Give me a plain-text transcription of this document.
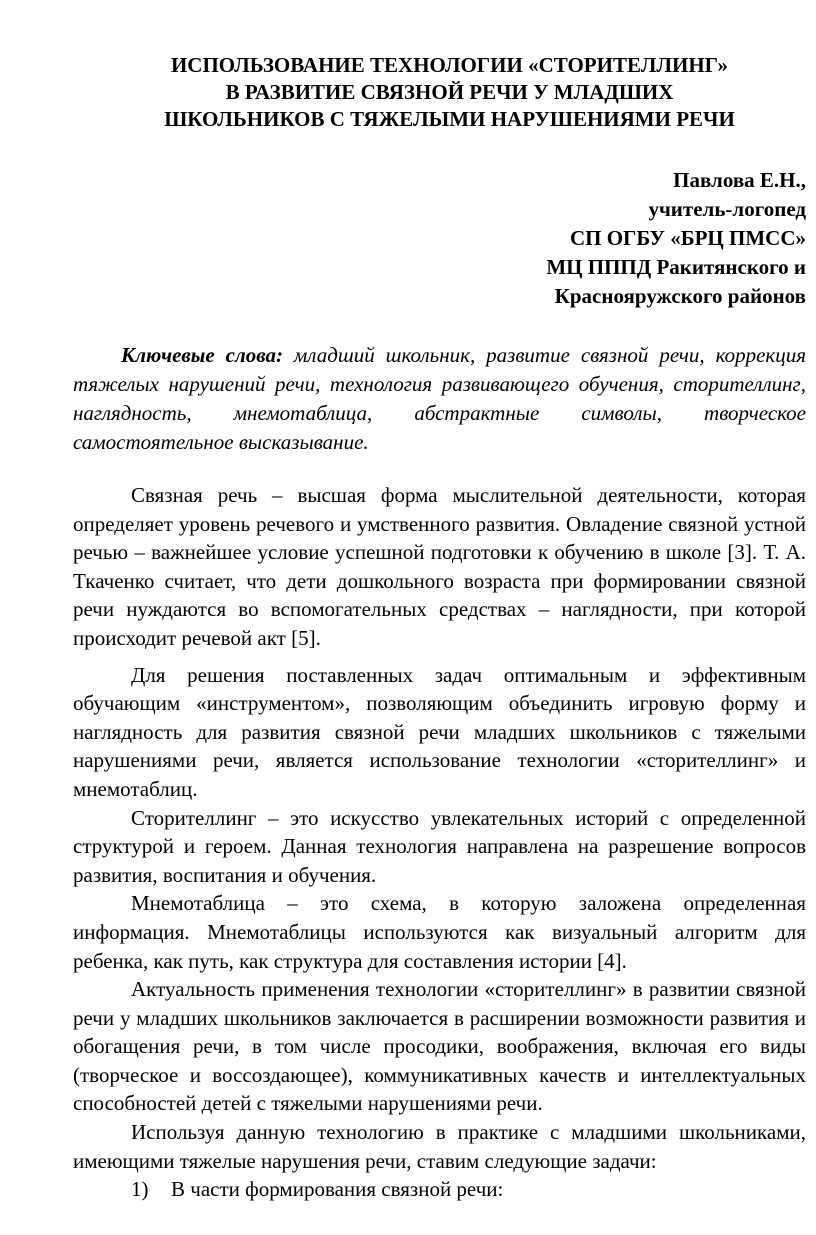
ИСПОЛЬЗОВАНИЕ ТЕХНОЛОГИИ «СТОРИТЕЛЛИНГ»
В РАЗВИТИЕ СВЯЗНОЙ РЕЧИ У МЛАДШИХ
ШКОЛЬНИКОВ С ТЯЖЕЛЫМИ НАРУШЕНИЯМИ РЕЧИ
Павлова Е.Н.,
учитель-логопед
СП ОГБУ «БРЦ ПМСС»
МЦ ПППД Ракитянского и
Краснояружского районов

Ключевые слова: младший школьник, развитие связной речи, коррекция тяжелых нарушений речи, технология развивающего обучения, сторителлинг, наглядность, мнемотаблица, абстрактные символы, творческое самостоятельное высказывание.

Связная речь – высшая форма мыслительной деятельности, которая определяет уровень речевого и умственного развития. Овладение связной устной речью – важнейшее условие успешной подготовки к обучению в школе [3]. Т. А. Ткаченко считает, что дети дошкольного возраста при формировании связной речи нуждаются во вспомогательных средствах – наглядности, при которой происходит речевой акт [5].

Для решения поставленных задач оптимальным и эффективным обучающим «инструментом», позволяющим объединить игровую форму и наглядность для развития связной речи младших школьников с тяжелыми нарушениями речи, является использование технологии «сторителлинг» и мнемотаблиц.

Сторителлинг – это искусство увлекательных историй с определенной структурой и героем. Данная технология направлена на разрешение вопросов развития, воспитания и обучения.

Мнемотаблица – это схема, в которую заложена определенная информация. Мнемотаблицы используются как визуальный алгоритм для ребенка, как путь, как структура для составления истории [4].

Актуальность применения технологии «сторителлинг» в развитии связной речи у младших школьников заключается в расширении возможности развития и обогащения речи, в том числе просодики, воображения, включая его виды (творческое и воссоздающее), коммуникативных качеств и интеллектуальных способностей детей с тяжелыми нарушениями речи.

Используя данную технологию в практике с младшими школьниками, имеющими тяжелые нарушения речи, ставим следующие задачи:

1) В части формирования связной речи:
